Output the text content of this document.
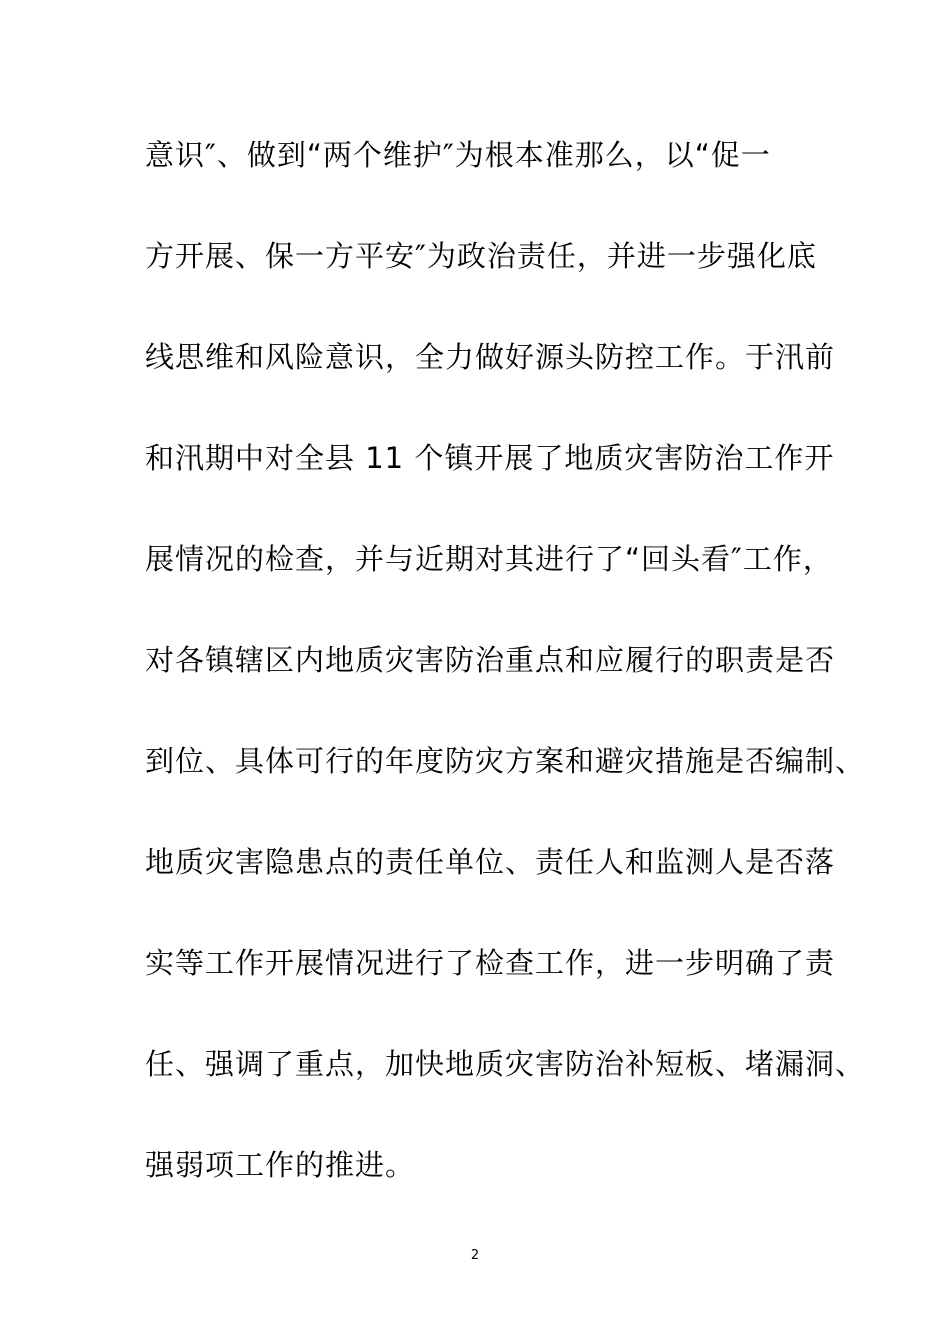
意识″、做到“两个维护″为根本准那么，以“促一
方开展、保一方平安″为政治责任，并进一步强化底
线思维和风险意识，全力做好源头防控工作。于汛前
和汛期中对全县 11 个镇开展了地质灾害防治工作开
展情况的检查，并与近期对其进行了“回头看″工作，
对各镇辖区内地质灾害防治重点和应履行的职责是否
到位、具体可行的年度防灾方案和避灾措施是否编制、
地质灾害隐患点的责任单位、责任人和监测人是否落
实等工作开展情况进行了检查工作，进一步明确了责
任、强调了重点，加快地质灾害防治补短板、堵漏洞、
强弱项工作的推进。
2
